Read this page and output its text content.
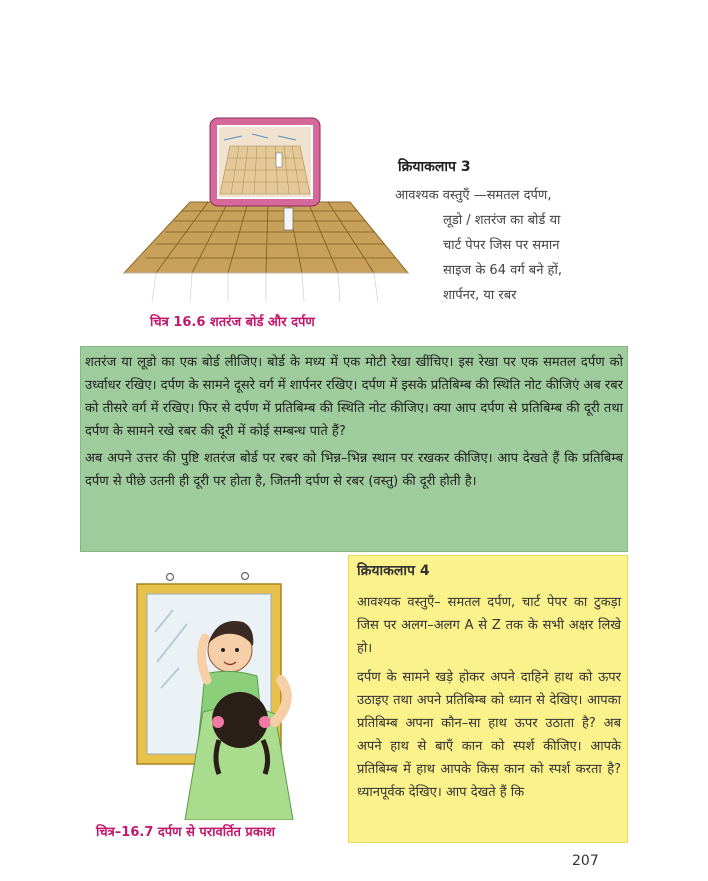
चित्र 16.6 शतरंज बोर्ड और दर्पण
क्रियाकलाप 3
आवश्यक वस्तुएँ —समतल दर्पण,

लूडो / शतरंज का बोर्ड या
चार्ट पेपर जिस पर समान
साइज के 64 वर्ग बने हों,
शार्पनर, या रबर

शतरंज या लूडो का एक बोर्ड लीजिए। बोर्ड के मध्य में एक मोटी रेखा खींचिए। इस रेखा पर एक समतल दर्पण को उर्ध्वाधर रखिए। दर्पण के सामने दूसरे वर्ग में शार्पनर रखिए। दर्पण में इसके प्रतिबिम्ब की स्थिति नोट कीजिएं अब रबर को तीसरे वर्ग में रखिए। फिर से दर्पण में प्रतिबिम्ब की स्थिति नोट कीजिए। क्या आप दर्पण से प्रतिबिम्ब की दूरी तथा दर्पण के सामने रखे रबर की दूरी में कोई सम्बन्ध पाते हैं?

अब अपने उत्तर की पुष्टि शतरंज बोर्ड पर रबर को भिन्न–भिन्न स्थान पर रखकर कीजिए। आप देखते हैं कि प्रतिबिम्ब दर्पण से पीछे उतनी ही दूरी पर होता है, जितनी दर्पण से रबर (वस्तु) की दूरी होती है।

चित्र–16.7 दर्पण से परावर्तित प्रकाश
क्रियाकलाप 4

आवश्यक वस्तुएँ– समतल दर्पण, चार्ट पेपर का टुकड़ा जिस पर अलग–अलग A से Z तक के सभी अक्षर लिखे हो।

दर्पण के सामने खड़े होकर अपने दाहिने हाथ को ऊपर उठाइए तथा अपने प्रतिबिम्ब को ध्यान से देखिए। आपका प्रतिबिम्ब अपना कौन–सा हाथ ऊपर उठाता है? अब अपने हाथ से बाएँ कान को स्पर्श कीजिए। आपके प्रतिबिम्ब में हाथ आपके किस कान को स्पर्श करता है? ध्यानपूर्वक देखिए। आप देखते हैं कि

207
